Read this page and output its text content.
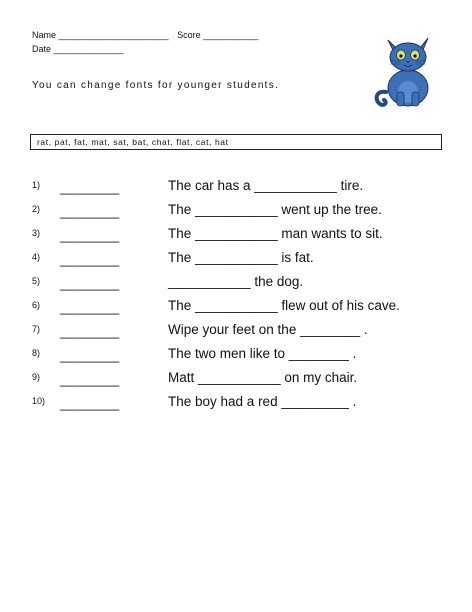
Name ______________________ Score ___________
Date ______________
You can change fonts for younger students.
rat, pat, fat, mat, sat, bat, chat, flat, cat, hat
1) ________	The car has a ___________ tire.
2) ________	The ___________ went up the tree.
3) ________	The ___________ man wants to sit.
4) ________	The ___________ is fat.
5) ________	___________ the dog.
6) ________	The ___________ flew out of his cave.
7) ________	Wipe your feet on the ________ .
8) ________	The two men like to ________ .
9) ________	Matt ___________ on my chair.
10) ________	The boy had a red _________ .
